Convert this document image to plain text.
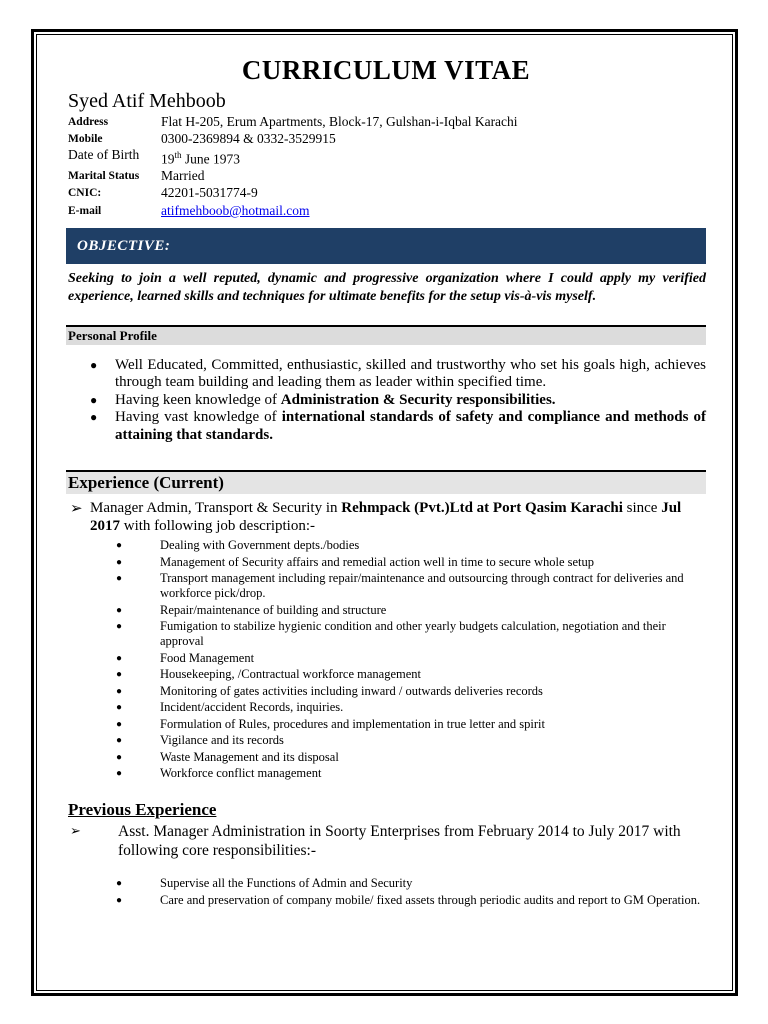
CURRICULUM VITAE
Syed Atif Mehboob
Address	Flat H-205, Erum Apartments, Block-17, Gulshan-i-Iqbal Karachi
Mobile	0300-2369894 & 0332-3529915
Date of Birth	19th June 1973
Marital Status	Married
CNIC:	42201-5031774-9
E-mail	atifmehboob@hotmail.com
OBJECTIVE:
Seeking to join a well reputed, dynamic and progressive organization where I could apply my verified experience, learned skills and techniques for ultimate benefits for the setup vis-à-vis myself.
Personal Profile
● Well Educated, Committed, enthusiastic, skilled and trustworthy who set his goals high, achieves through team building and leading them as leader within specified time.
● Having keen knowledge of Administration & Security responsibilities.
● Having vast knowledge of international standards of safety and compliance and methods of attaining that standards.
Experience (Current)
➢ Manager Admin, Transport & Security in Rehmpack (Pvt.)Ltd at Port Qasim Karachi since Jul 2017 with following job description:-
●	Dealing with Government depts./bodies
●	Management of Security affairs and remedial action well in time to secure whole setup
●	Transport management including repair/maintenance and outsourcing through contract for deliveries and workforce pick/drop.
●	Repair/maintenance of building and structure
●	Fumigation to stabilize hygienic condition and other yearly budgets calculation, negotiation and their approval
●	Food Management
●	Housekeeping, /Contractual workforce management
●	Monitoring of gates activities including inward / outwards deliveries records
●	Incident/accident Records, inquiries.
●	Formulation of Rules, procedures and implementation in true letter and spirit
●	Vigilance and its records
●	Waste Management and its disposal
●	Workforce conflict management
Previous Experience
➢ Asst. Manager Administration in Soorty Enterprises from February 2014 to July 2017 with following core responsibilities:-
●	Supervise all the Functions of Admin and Security
●	Care and preservation of company mobile/ fixed assets through periodic audits and report to GM Operation.
